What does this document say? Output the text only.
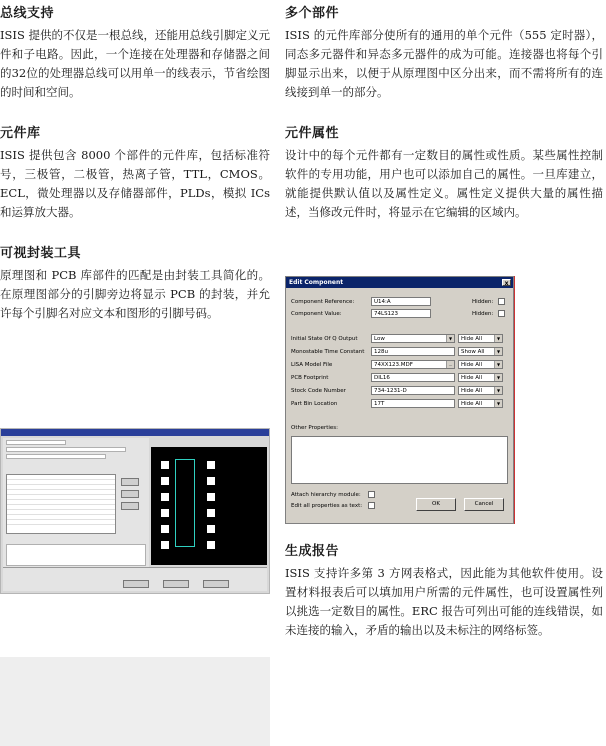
总线支持
ISIS 提供的不仅是一根总线，还能用总线引脚定义元件和子电路。因此，一个连接在处理器和存储器之间的32位的处理器总线可以用单一的线表示，节省绘图的时间和空间。
元件库
ISIS 提供包含 8000 个部件的元件库，包括标准符号，三极管，二极管，热离子管，TTL，CMOS。ECL，微处理器以及存储器部件，PLDs，模拟 ICs 和运算放大器。
可视封装工具
原理图和 PCB 库部件的匹配是由封装工具简化的。在原理图部分的引脚旁边将显示 PCB 的封装，并允许每个引脚名对应文本和图形的引脚号码。
多个部件
ISIS 的元件库部分使所有的通用的单个元件（555 定时器），同态多元器件和异态多元器件的成为可能。连接器也将每个引脚显示出来，以便于从原理图中区分出来，而不需将所有的连线接到单一的部分。
元件属性
设计中的每个元件都有一定数目的属性或性质。某些属性控制软件的专用功能，用户也可以添加自己的属性。一旦库建立，就能提供默认值以及属性定义。属性定义提供大量的属性描述，当修改元件时，将显示在它编辑的区域内。
生成报告
ISIS 支持许多第 3 方网表格式，因此能为其他软件使用。设置材料报表后可以填加用户所需的元件属性，也可设置属性列以挑选一定数目的属性。ERC 报告可列出可能的连线错误，如未连接的输入，矛盾的输出以及未标注的网络标签。
Edit Component	x
Component Reference:	U14:A	Hidden:
Component Value:	74LS123	Hidden:
Initial State Of Q Output	Low	▼	Hide All	▼
Monostable Time Constant	128u	Show All	▼
LISA Model File	74XX123.MDF	…	Hide All	▼
PCB Footprint	DIL16	Hide All	▼
Stock Code Number	734-1231-D	Hide All	▼
Part Bin Location	17T	Hide All	▼
Other Properties:
Attach hierarchy module:
Edit all properties as text:	OK	Cancel
